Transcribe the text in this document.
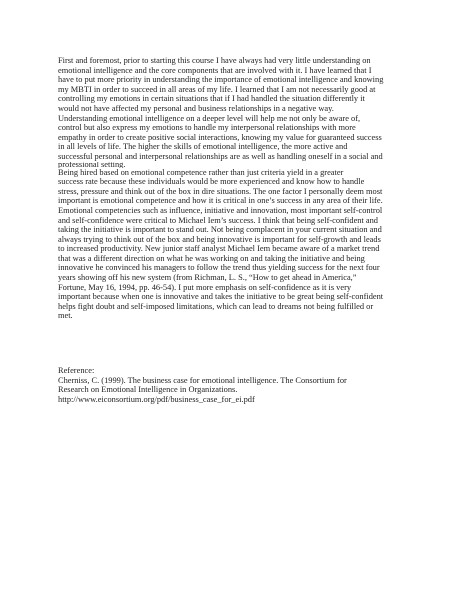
First and foremost, prior to starting this course I have always had very little understanding on
emotional intelligence and the core components that are involved with it. I have learned that I
have to put more priority in understanding the importance of emotional intelligence and knowing
my MBTI in order to succeed in all areas of my life. I learned that I am not necessarily good at
controlling my emotions in certain situations that if I had handled the situation differently it
would not have affected my personal and business relationships in a negative way.
Understanding emotional intelligence on a deeper level will help me not only be aware of,
control but also express my emotions to handle my interpersonal relationships with more
empathy in order to create positive social interactions, knowing my value for guaranteed success
in all levels of life. The higher the skills of emotional intelligence, the more active and
successful personal and interpersonal relationships are as well as handling oneself in a social and
professional setting.
Being hired based on emotional competence rather than just criteria yield in a greater
success rate because these individuals would be more experienced and know how to handle
stress, pressure and think out of the box in dire situations. The one factor I personally deem most
important is emotional competence and how it is critical in one’s success in any area of their life.
Emotional competencies such as influence, initiative and innovation, most important self-control
and self-confidence were critical to Michael Iem’s success. I think that being self-confident and
taking the initiative is important to stand out. Not being complacent in your current situation and
always trying to think out of the box and being innovative is important for self-growth and leads
to increased productivity. New junior staff analyst Michael Iem became aware of a market trend
that was a different direction on what he was working on and taking the initiative and being
innovative he convinced his managers to follow the trend thus yielding success for the next four
years showing off his new system (from Richman, L. S., “How to get ahead in America,”
Fortune, May 16, 1994, pp. 46-54). I put more emphasis on self-confidence as it is very
important because when one is innovative and takes the initiative to be great being self-confident
helps fight doubt and self-imposed limitations, which can lead to dreams not being fulfilled or
met.
Reference:
Cherniss, C. (1999). The business case for emotional intelligence. The Consortium for
Research on Emotional Intelligence in Organizations.
http://www.eiconsortium.org/pdf/business_case_for_ei.pdf
